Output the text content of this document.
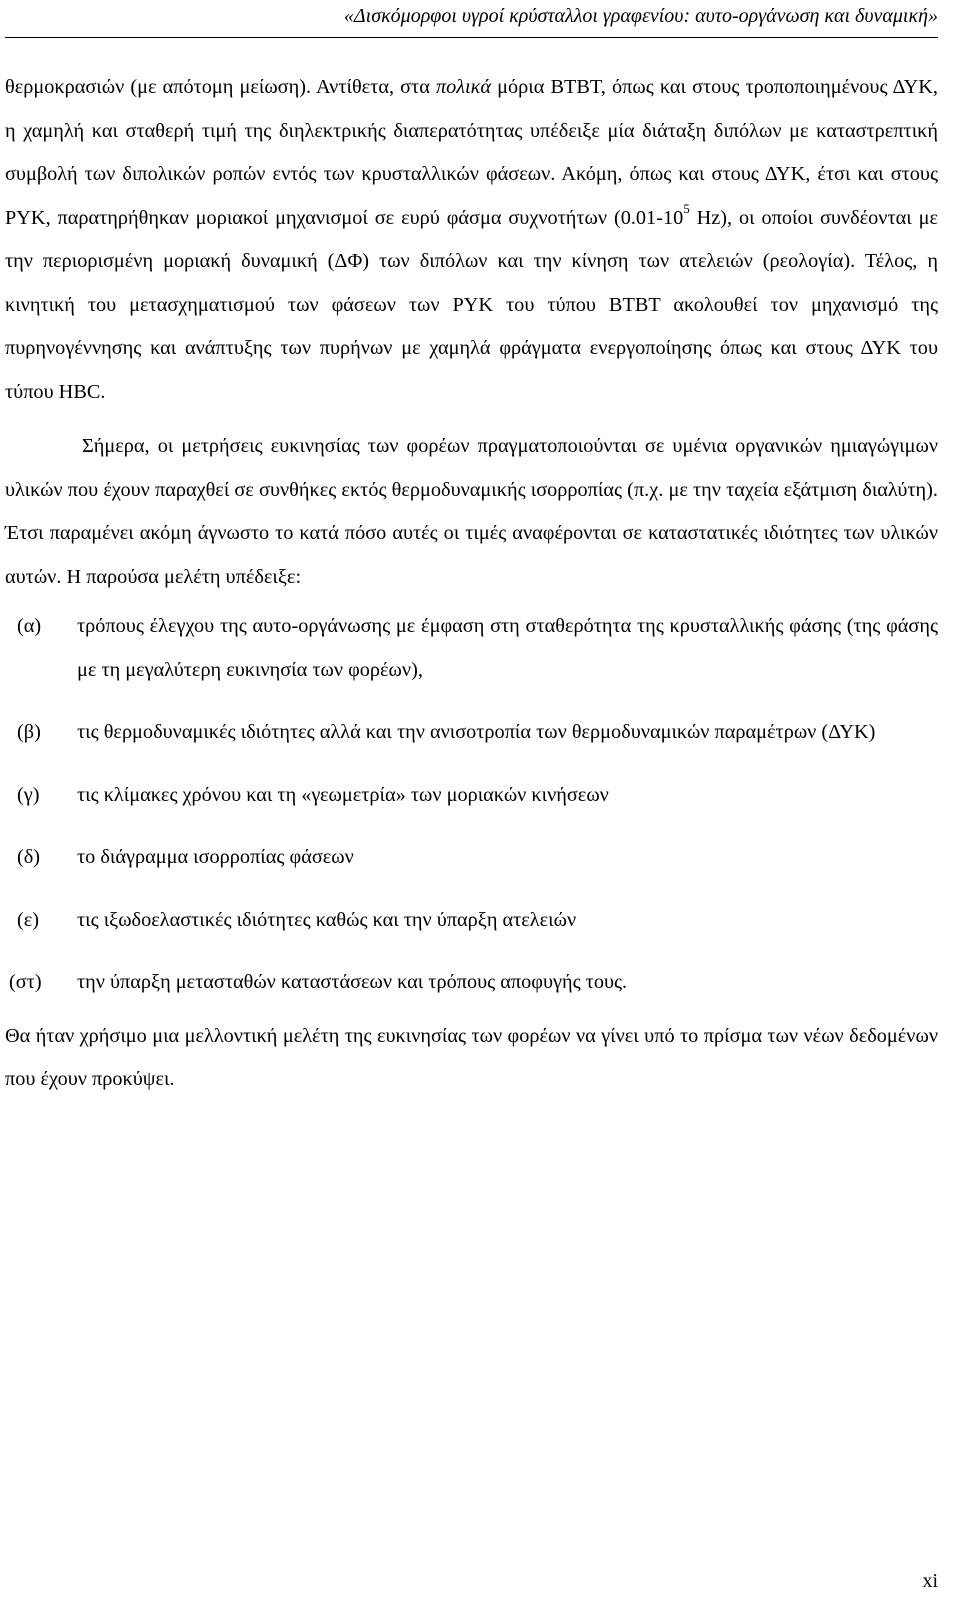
«Δισκόμορφοι υγροί κρύσταλλοι γραφενίου: αυτο-οργάνωση και δυναμική»

θερμοκρασιών (με απότομη μείωση). Αντίθετα, στα πολικά μόρια BTBT, όπως και στους τροποποιημένους ΔΥΚ, η χαμηλή και σταθερή τιμή της διηλεκτρικής διαπερατότητας υπέδειξε μία διάταξη διπόλων με καταστρεπτική συμβολή των διπολικών ροπών εντός των κρυσταλλικών φάσεων. Ακόμη, όπως και στους ΔΥΚ, έτσι και στους ΡΥΚ, παρατηρήθηκαν μοριακοί μηχανισμοί σε ευρύ φάσμα συχνοτήτων ($0.01-10^5$ Hz), οι οποίοι συνδέονται με την περιορισμένη μοριακή δυναμική (ΔΦ) των διπόλων και την κίνηση των ατελειών (ρεολογία). Τέλος, η κινητική του μετασχηματισμού των φάσεων των ΡΥΚ του τύπου BTBT ακολουθεί τον μηχανισμό της πυρηνογέννησης και ανάπτυξης των πυρήνων με χαμηλά φράγματα ενεργοποίησης όπως και στους ΔΥΚ του τύπου HBC.

Σήμερα, οι μετρήσεις ευκινησίας των φορέων πραγματοποιούνται σε υμένια οργανικών ημιαγώγιμων υλικών που έχουν παραχθεί σε συνθήκες εκτός θερμοδυναμικής ισορροπίας (π.χ. με την ταχεία εξάτμιση διαλύτη). Έτσι παραμένει ακόμη άγνωστο το κατά πόσο αυτές οι τιμές αναφέρονται σε καταστατικές ιδιότητες των υλικών αυτών. Η παρούσα μελέτη υπέδειξε:

(α)	τρόπους έλεγχου της αυτο-οργάνωσης με έμφαση στη σταθερότητα της κρυσταλλικής φάσης (της φάσης με τη μεγαλύτερη ευκινησία των φορέων),
(β)	τις θερμοδυναμικές ιδιότητες αλλά και την ανισοτροπία των θερμοδυναμικών παραμέτρων (ΔΥΚ)
(γ)	τις κλίμακες χρόνου και τη «γεωμετρία» των μοριακών κινήσεων
(δ)	το διάγραμμα ισορροπίας φάσεων
(ε)	τις ιξωδοελαστικές ιδιότητες καθώς και την ύπαρξη ατελειών
(στ)	την ύπαρξη μετασταθών καταστάσεων και τρόπους αποφυγής τους.

Θα ήταν χρήσιμο μια μελλοντική μελέτη της ευκινησίας των φορέων να γίνει υπό το πρίσμα των νέων δεδομένων που έχουν προκύψει.

xi
